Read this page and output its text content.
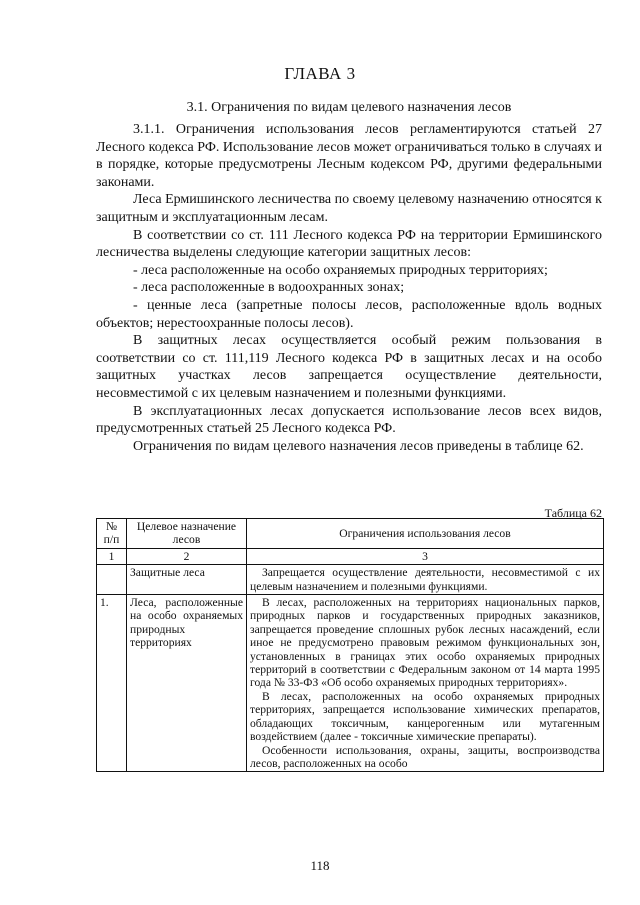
ГЛАВА 3
3.1. Ограничения по видам целевого назначения лесов

3.1.1. Ограничения использования лесов регламентируются статьей 27 Лесного кодекса РФ. Использование лесов может ограничиваться только в случаях и в порядке, которые предусмотрены Лесным кодексом РФ, другими федеральными законами.

Леса Ермишинского лесничества по своему целевому назначению относятся к защитным и эксплуатационным лесам.

В соответствии со ст. 111 Лесного кодекса РФ на территории Ермишинского лесничества выделены следующие категории защитных лесов:

- леса расположенные на особо охраняемых природных территориях;

- леса расположенные в водоохранных зонах;

- ценные леса (запретные полосы лесов, расположенные вдоль водных объектов; нерестоохранные полосы лесов).

В защитных лесах осуществляется особый режим пользования в соответствии со ст. 111,119 Лесного кодекса РФ в защитных лесах и на особо защитных участках лесов запрещается осуществление деятельности, несовместимой с их целевым назначением и полезными функциями.

В эксплуатационных лесах допускается использование лесов всех видов, предусмотренных статьей 25 Лесного кодекса РФ.

Ограничения по видам целевого назначения лесов приведены в таблице 62.

Таблица 62
№ п/п	Целевое назначение лесов	Ограничения использования лесов
1	2	3
	Защитные леса	Запрещается осуществление деятельности, несовместимой с их целевым назначением и полезными функциями.

1.	Леса, расположенные на особо охраняемых природных территориях	В лесах, расположенных на территориях национальных парков, природных парков и государственных природных заказников, запрещается проведение сплошных рубок лесных насаждений, если иное не предусмотрено правовым режимом функциональных зон, установленных в границах этих особо охраняемых природных территорий в соответствии с Федеральным законом от 14 марта 1995 года № 33-ФЗ «Об особо охраняемых природных территориях».

В лесах, расположенных на особо охраняемых природных территориях, запрещается использование химических препаратов, обладающих токсичным, канцерогенным или мутагенным воздействием (далее - токсичные химические препараты).

Особенности использования, охраны, защиты, воспроизводства лесов, расположенных на особо

118
